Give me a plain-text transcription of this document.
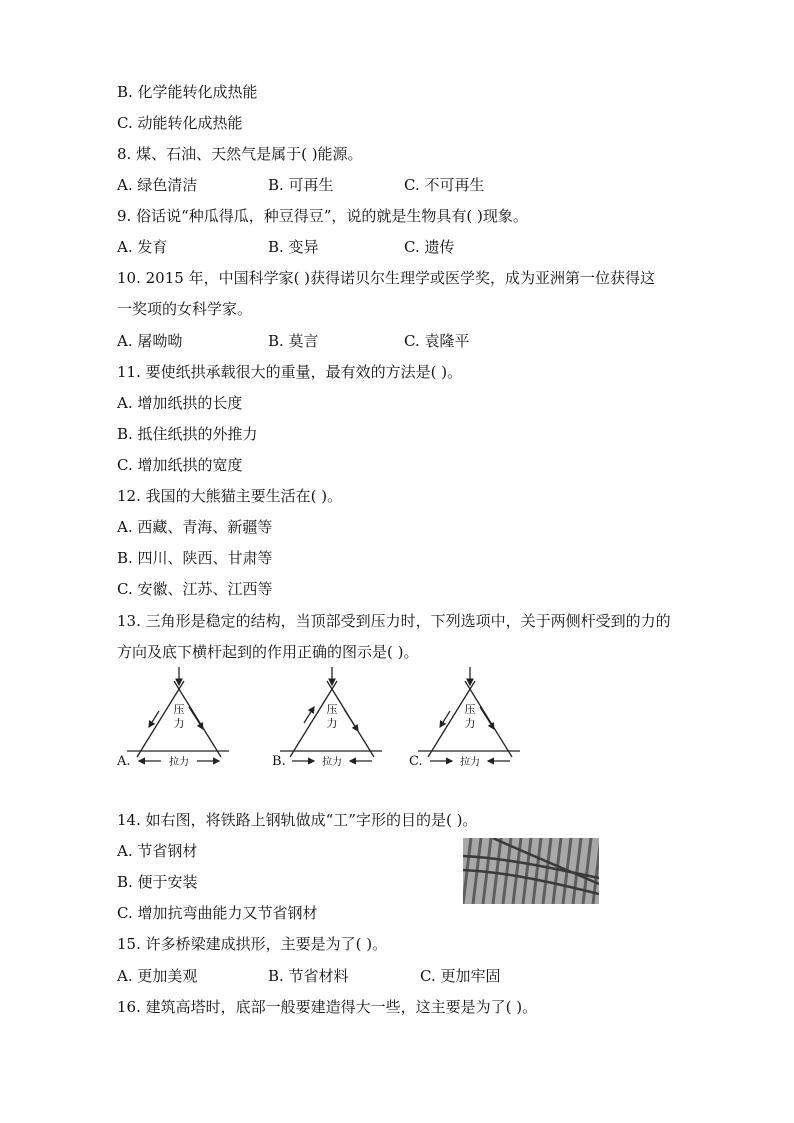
B. 化学能转化成热能
C. 动能转化成热能
8. 煤、石油、天然气是属于( )能源。
A. 绿色清洁	B. 可再生	C. 不可再生
9. 俗话说“种瓜得瓜，种豆得豆”，说的就是生物具有( )现象。
A. 发育	B. 变异	C. 遗传
10. 2015 年，中国科学家( )获得诺贝尔生理学或医学奖，成为亚洲第一位获得这
一奖项的女科学家。
A. 屠呦呦	B. 莫言	C. 袁隆平
11. 要使纸拱承载很大的重量，最有效的方法是( )。
A. 增加纸拱的长度
B. 抵住纸拱的外推力
C. 增加纸拱的宽度
12. 我国的大熊猫主要生活在( )。
A. 西藏、青海、新疆等
B. 四川、陕西、甘肃等
C. 安徽、江苏、江西等
13. 三角形是稳定的结构，当顶部受到压力时，下列选项中，关于两侧杆受到的力的
方向及底下横杆起到的作用正确的图示是( )。
压
力
拉力
A.
压
力
拉力
B.
压
力
拉力
C.
14. 如右图，将铁路上钢轨做成“工”字形的目的是( )。
A. 节省钢材
B. 便于安装
C. 增加抗弯曲能力又节省钢材
15. 许多桥梁建成拱形，主要是为了( )。
A. 更加美观	B. 节省材料	C. 更加牢固
16. 建筑高塔时，底部一般要建造得大一些，这主要是为了( )。
